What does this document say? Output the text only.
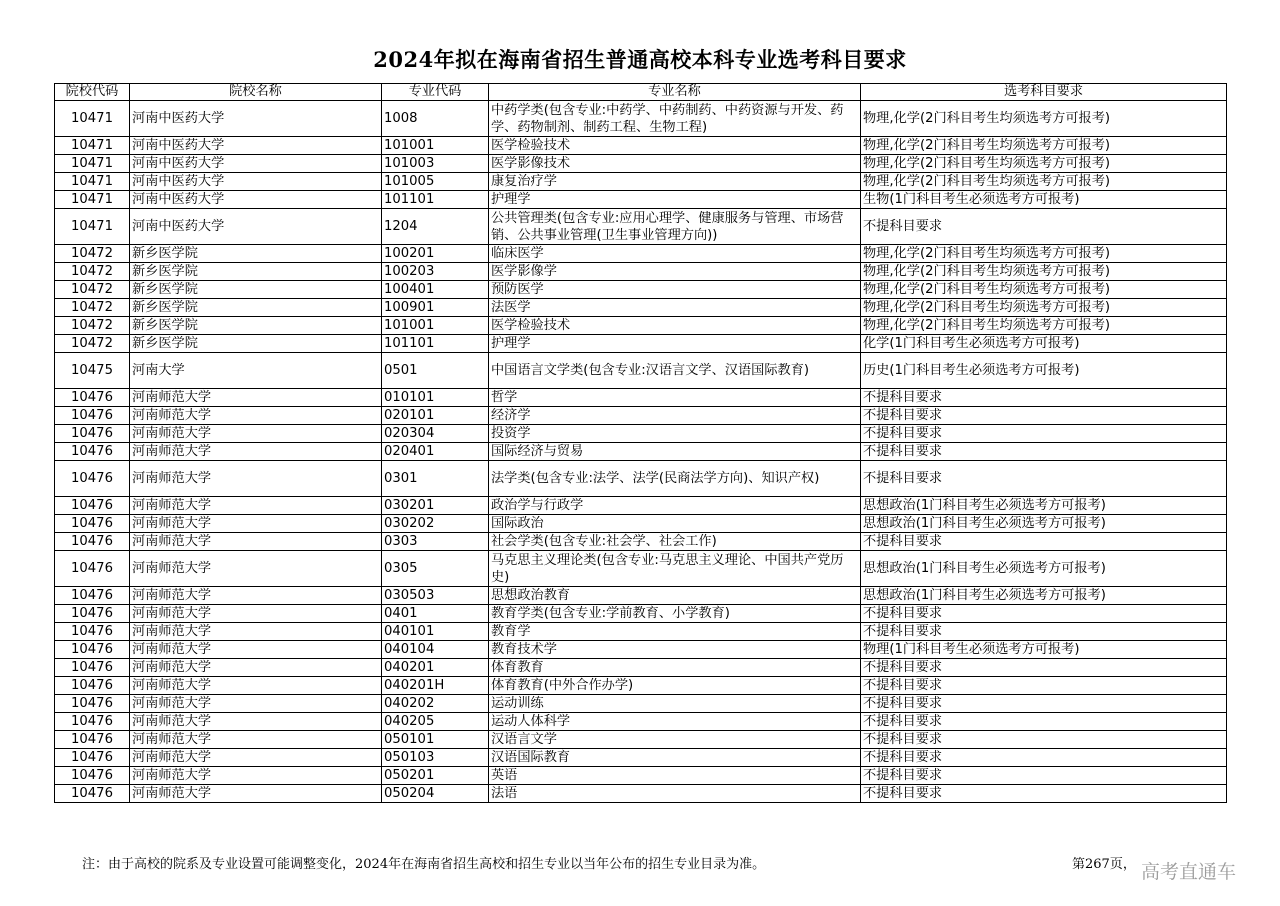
2024年拟在海南省招生普通高校本科专业选考科目要求
院校代码	院校名称	专业代码	专业名称	选考科目要求
10471	河南中医药大学	1008	中药学类(包含专业:中药学、中药制药、中药资源与开发、药学、药物制剂、制药工程、生物工程)	物理,化学(2门科目考生均须选考方可报考)
10471	河南中医药大学	101001	医学检验技术	物理,化学(2门科目考生均须选考方可报考)
10471	河南中医药大学	101003	医学影像技术	物理,化学(2门科目考生均须选考方可报考)
10471	河南中医药大学	101005	康复治疗学	物理,化学(2门科目考生均须选考方可报考)
10471	河南中医药大学	101101	护理学	生物(1门科目考生必须选考方可报考)
10471	河南中医药大学	1204	公共管理类(包含专业:应用心理学、健康服务与管理、市场营销、公共事业管理(卫生事业管理方向))	不提科目要求
10472	新乡医学院	100201	临床医学	物理,化学(2门科目考生均须选考方可报考)
10472	新乡医学院	100203	医学影像学	物理,化学(2门科目考生均须选考方可报考)
10472	新乡医学院	100401	预防医学	物理,化学(2门科目考生均须选考方可报考)
10472	新乡医学院	100901	法医学	物理,化学(2门科目考生均须选考方可报考)
10472	新乡医学院	101001	医学检验技术	物理,化学(2门科目考生均须选考方可报考)
10472	新乡医学院	101101	护理学	化学(1门科目考生必须选考方可报考)
10475	河南大学	0501	中国语言文学类(包含专业:汉语言文学、汉语国际教育)	历史(1门科目考生必须选考方可报考)
10476	河南师范大学	010101	哲学	不提科目要求
10476	河南师范大学	020101	经济学	不提科目要求
10476	河南师范大学	020304	投资学	不提科目要求
10476	河南师范大学	020401	国际经济与贸易	不提科目要求
10476	河南师范大学	0301	法学类(包含专业:法学、法学(民商法学方向)、知识产权)	不提科目要求
10476	河南师范大学	030201	政治学与行政学	思想政治(1门科目考生必须选考方可报考)
10476	河南师范大学	030202	国际政治	思想政治(1门科目考生必须选考方可报考)
10476	河南师范大学	0303	社会学类(包含专业:社会学、社会工作)	不提科目要求
10476	河南师范大学	0305	马克思主义理论类(包含专业:马克思主义理论、中国共产党历史)	思想政治(1门科目考生必须选考方可报考)
10476	河南师范大学	030503	思想政治教育	思想政治(1门科目考生必须选考方可报考)
10476	河南师范大学	0401	教育学类(包含专业:学前教育、小学教育)	不提科目要求
10476	河南师范大学	040101	教育学	不提科目要求
10476	河南师范大学	040104	教育技术学	物理(1门科目考生必须选考方可报考)
10476	河南师范大学	040201	体育教育	不提科目要求
10476	河南师范大学	040201H	体育教育(中外合作办学)	不提科目要求
10476	河南师范大学	040202	运动训练	不提科目要求
10476	河南师范大学	040205	运动人体科学	不提科目要求
10476	河南师范大学	050101	汉语言文学	不提科目要求
10476	河南师范大学	050103	汉语国际教育	不提科目要求
10476	河南师范大学	050201	英语	不提科目要求
10476	河南师范大学	050204	法语	不提科目要求
注：由于高校的院系及专业设置可能调整变化，2024年在海南省招生高校和招生专业以当年公布的招生专业目录为准。	第267页， 高考直通车
